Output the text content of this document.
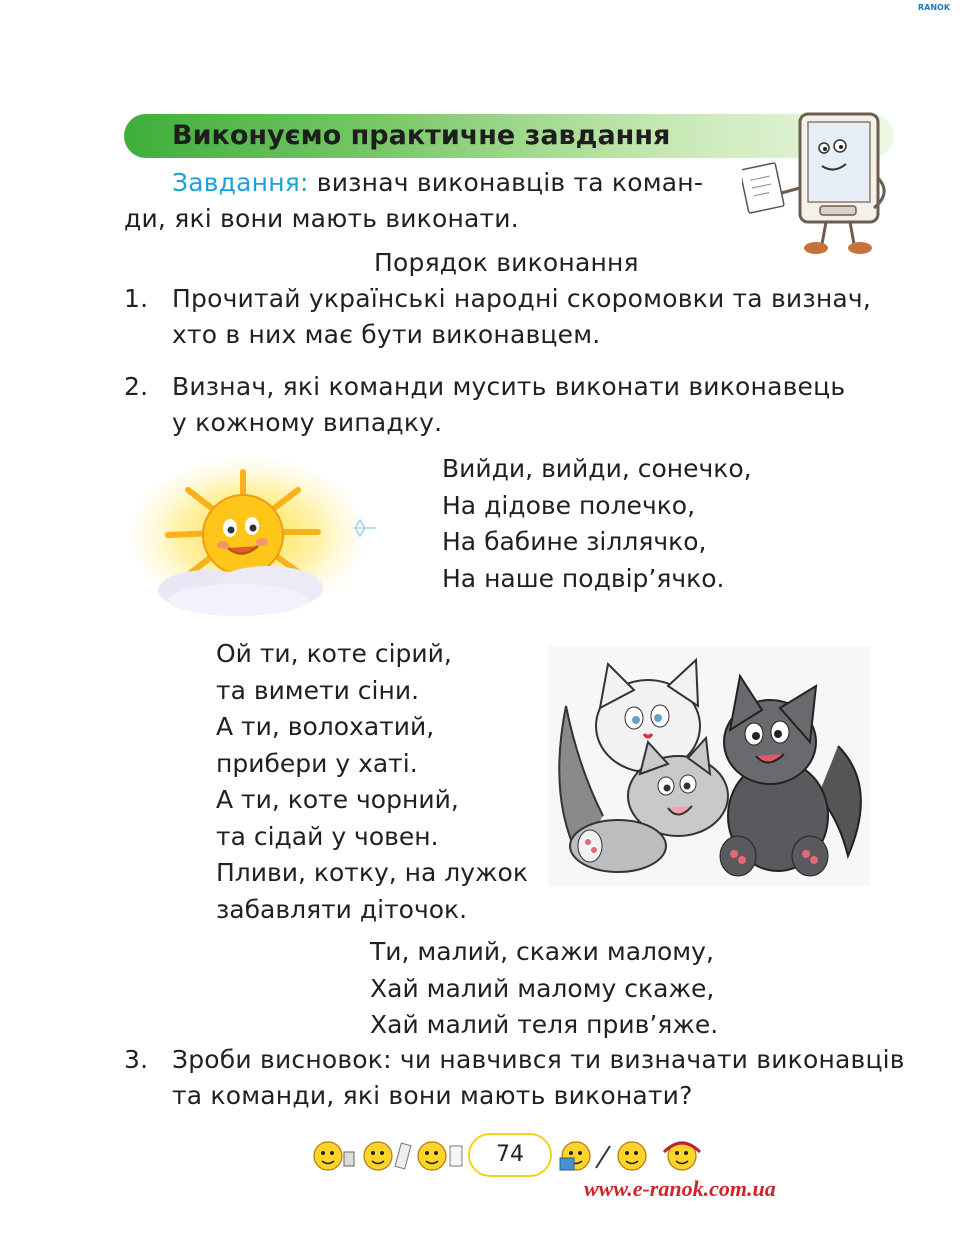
RANOK
Виконуємо практичне завдання
Завдання: визнач виконавців та коман-
ди, які вони мають виконати.
Порядок виконання
1. Прочитай українські народні скоромовки та визнач,
хто в них має бути виконавцем.
2. Визнач, які команди мусить виконати виконавець
у кожному випадку.
Вийди, вийди, сонечко,
На дідове полечко,
На бабине зіллячко,
На наше подвір’ячко.
Ой ти, коте сірий,
та вимети сіни.
А ти, волохатий,
прибери у хаті.
А ти, коте чорний,
та сідай у човен.
Пливи, котку, на лужок
забавляти діточок.
Ти, малий, скажи малому,
Хай малий малому скаже,
Хай малий теля прив’яже.
3. Зроби висновок: чи навчився ти визначати виконавців
та команди, які вони мають виконати?
74
www.e-ranok.com.ua
